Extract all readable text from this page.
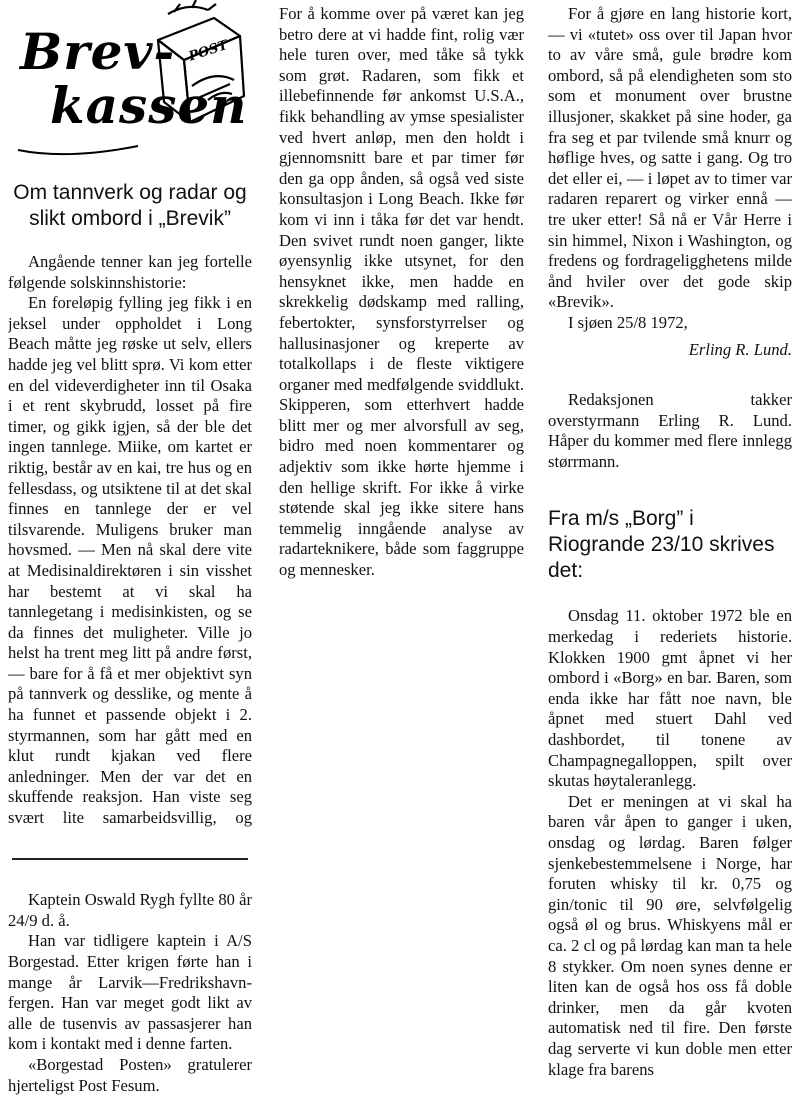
POST
Brev-
kassen
Om tannverk og radar og slikt ombord i „Brevik”

Angående tenner kan jeg fortelle følgende solskinnshistorie:

En foreløpig fylling jeg fikk i en jeksel under oppholdet i Long Beach måtte jeg røske ut selv, ellers hadde jeg vel blitt sprø. Vi kom etter en del videverdigheter inn til Osaka i et rent skybrudd, losset på fire timer, og gikk igjen, så der ble det ingen tannlege. Miike, om kartet er riktig, består av en kai, tre hus og en fellesdass, og utsiktene til at det skal finnes en tannlege der er vel tilsvarende. Muligens bruker man hovsmed. — Men nå skal dere vite at Medisinaldirektøren i sin visshet har bestemt at vi skal ha tannlegetang i medisinkisten, og se da finnes det muligheter. Ville jo helst ha trent meg litt på andre først, — bare for å få et mer objektivt syn på tannverk og desslike, og mente å ha funnet et passende objekt i 2. styrmannen, som har gått med en klut rundt kjakan ved flere anledninger. Men der var det en skuffende reaksjon. Han viste seg svært lite samarbeidsvillig, og

Kaptein Oswald Rygh fyllte 80 år 24/9 d. å.

Han var tidligere kaptein i A/S Borgestad. Etter krigen førte han i mange år Larvik—Fredrikshavn-fergen. Han var meget godt likt av alle de tusenvis av passasjerer han kom i kontakt med i denne farten.

«Borgestad Posten» gratulerer hjerteligst Post Fesum.

For å komme over på været kan jeg betro dere at vi hadde fint, rolig vær hele turen over, med tåke så tykk som grøt. Radaren, som fikk et illebefinnende før ankomst U.S.A., fikk behandling av ymse spesialister ved hvert anløp, men den holdt i gjennomsnitt bare et par timer før den ga opp ånden, så også ved siste konsultasjon i Long Beach. Ikke før kom vi inn i tåka før det var hendt. Den svivet rundt noen ganger, likte øyensynlig ikke utsynet, for den hensyknet ikke, men hadde en skrekkelig dødskamp med ralling, febertokter, synsforstyrrelser og hallusinasjoner og kreperte av totalkollaps i de fleste viktigere organer med medfølgende sviddlukt. Skipperen, som etterhvert hadde blitt mer og mer alvorsfull av seg, bidro med noen kommentarer og adjektiv som ikke hørte hjemme i den hellige skrift. For ikke å virke støtende skal jeg ikke sitere hans temmelig inngående analyse av radarteknikere, både som faggruppe og mennesker.

For å gjøre en lang historie kort, — vi «tutet» oss over til Japan hvor to av våre små, gule brødre kom ombord, så på elendigheten som sto som et monument over brustne illusjoner, skakket på sine hoder, ga fra seg et par tvilende små knurr og høflige hves, og satte i gang. Og tro det eller ei, — i løpet av to timer var radaren reparert og virker ennå — tre uker etter! Så nå er Vår Herre i sin himmel, Nixon i Washington, og fredens og fordrageligghetens milde ånd hviler over det gode skip «Brevik».

I sjøen 25/8 1972,

Erling R. Lund.

Redaksjonen takker overstyrmann Erling R. Lund. Håper du kommer med flere innlegg størrmann.

Fra m/s „Borg” i Riogrande 23/10 skrives det:

Onsdag 11. oktober 1972 ble en merkedag i rederiets historie. Klokken 1900 gmt åpnet vi her ombord i «Borg» en bar. Baren, som enda ikke har fått noe navn, ble åpnet med stuert Dahl ved dashbordet, til tonene av Champagnegalloppen, spilt over skutas høytaleranlegg.

Det er meningen at vi skal ha baren vår åpen to ganger i uken, onsdag og lørdag. Baren følger sjenkebestemmelsene i Norge, har foruten whisky til kr. 0,75 og gin/tonic til 90 øre, selvfølgelig også øl og brus. Whiskyens mål er ca. 2 cl og på lørdag kan man ta hele 8 stykker. Om noen synes denne er liten kan de også hos oss få doble drinker, men da går kvoten automatisk ned til fire. Den første dag serverte vi kun doble men etter klage fra barens
